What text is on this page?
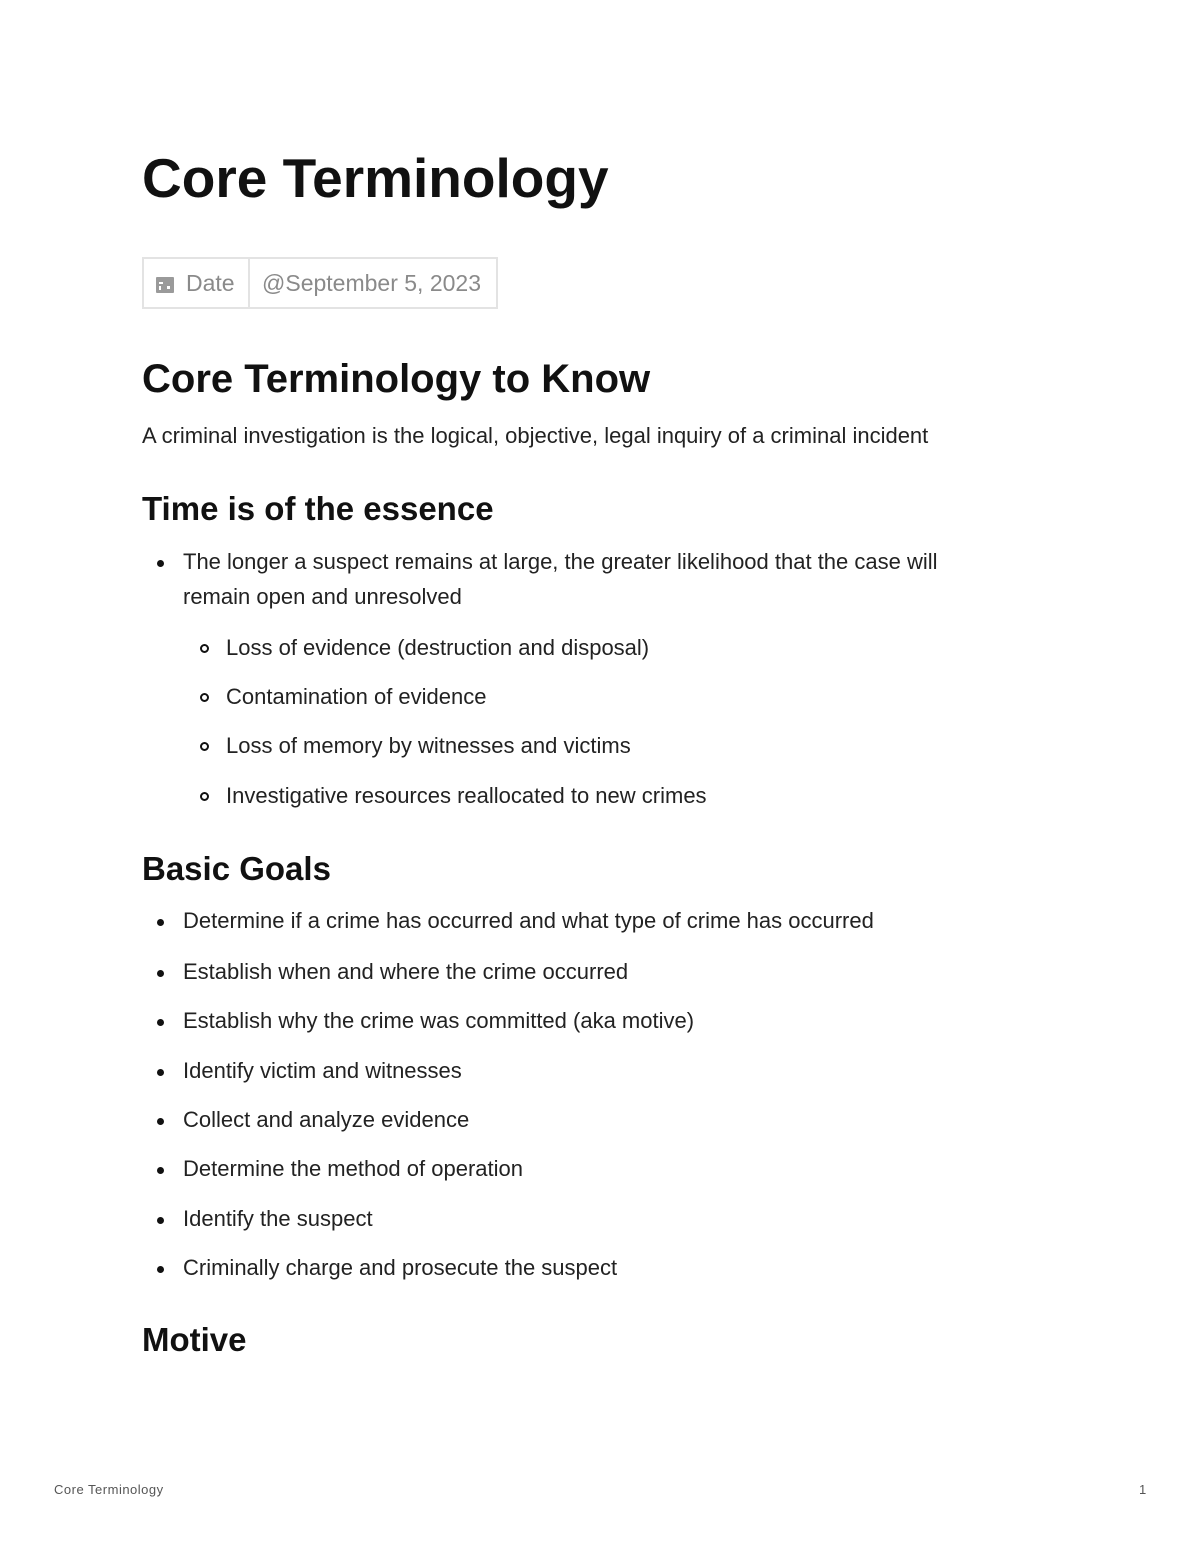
Core Terminology
Date	@September 5, 2023
Core Terminology to Know

A criminal investigation is the logical, objective, legal inquiry of a criminal incident

Time is of the essence
The longer a suspect remains at large, the greater likelihood that the case will
remain open and unresolved
Loss of evidence (destruction and disposal)
Contamination of evidence
Loss of memory by witnesses and victims
Investigative resources reallocated to new crimes
Basic Goals
Determine if a crime has occurred and what type of crime has occurred
Establish when and where the crime occurred
Establish why the crime was committed (aka motive)
Identify victim and witnesses
Collect and analyze evidence
Determine the method of operation
Identify the suspect
Criminally charge and prosecute the suspect
Motive
Core Terminology	1
